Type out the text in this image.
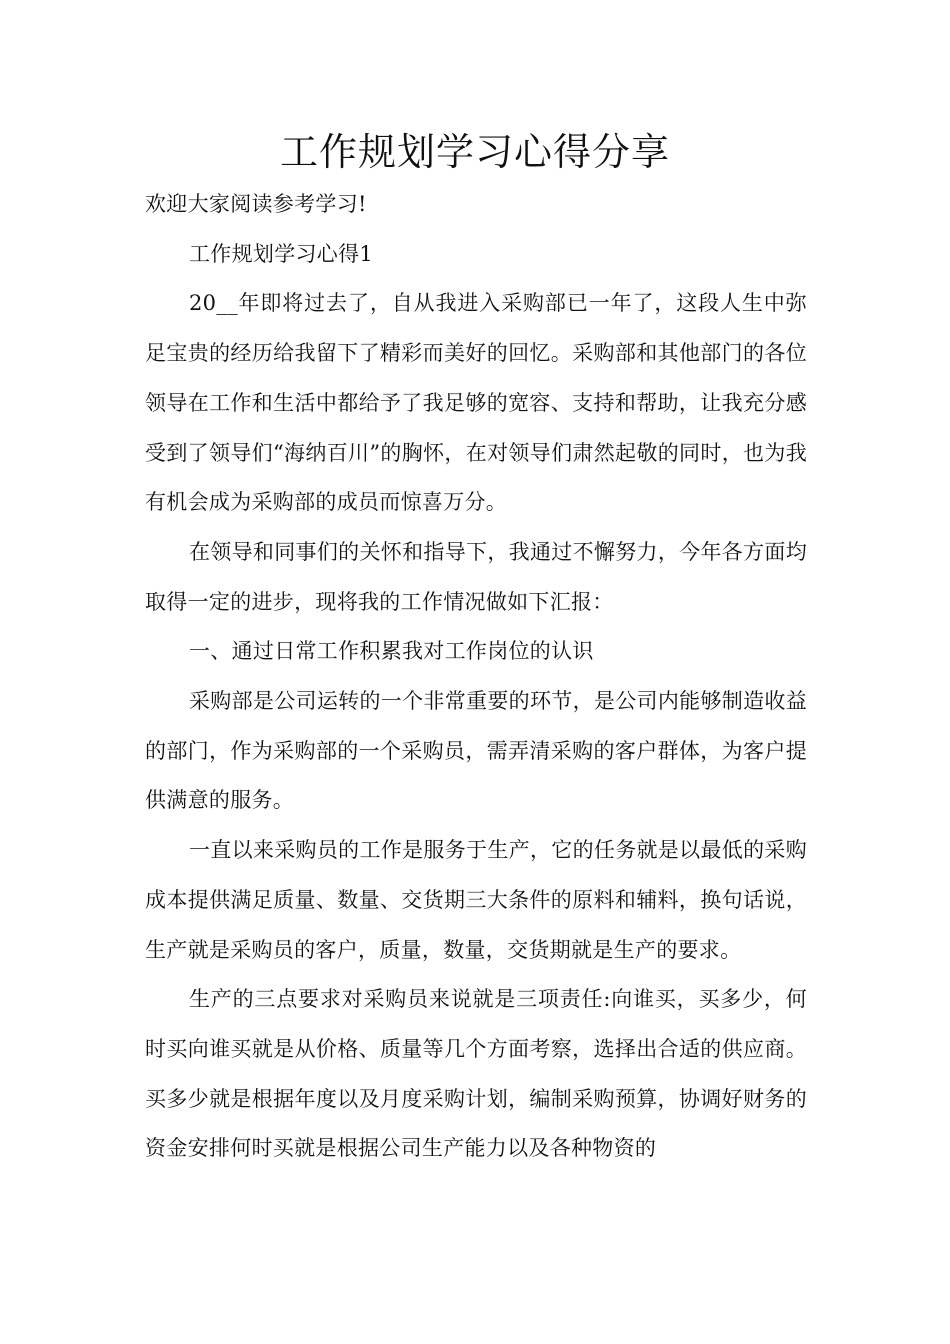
工作规划学习心得分享

欢迎大家阅读参考学习!

工作规划学习心得1

20__年即将过去了，自从我进入采购部已一年了，这段人生中弥足宝贵的经历给我留下了精彩而美好的回忆。采购部和其他部门的各位领导在工作和生活中都给予了我足够的宽容、支持和帮助，让我充分感受到了领导们“海纳百川”的胸怀，在对领导们肃然起敬的同时，也为我有机会成为采购部的成员而惊喜万分。

在领导和同事们的关怀和指导下，我通过不懈努力，今年各方面均取得一定的进步，现将我的工作情况做如下汇报：

一、通过日常工作积累我对工作岗位的认识

采购部是公司运转的一个非常重要的环节，是公司内能够制造收益的部门，作为采购部的一个采购员，需弄清采购的客户群体，为客户提供满意的服务。

一直以来采购员的工作是服务于生产，它的任务就是以最低的采购成本提供满足质量、数量、交货期三大条件的原料和辅料，换句话说，生产就是采购员的客户，质量，数量，交货期就是生产的要求。

生产的三点要求对采购员来说就是三项责任:向谁买，买多少，何时买向谁买就是从价格、质量等几个方面考察，选择出合适的供应商。买多少就是根据年度以及月度采购计划，编制采购预算，协调好财务的资金安排何时买就是根据公司生产能力以及各种物资的
